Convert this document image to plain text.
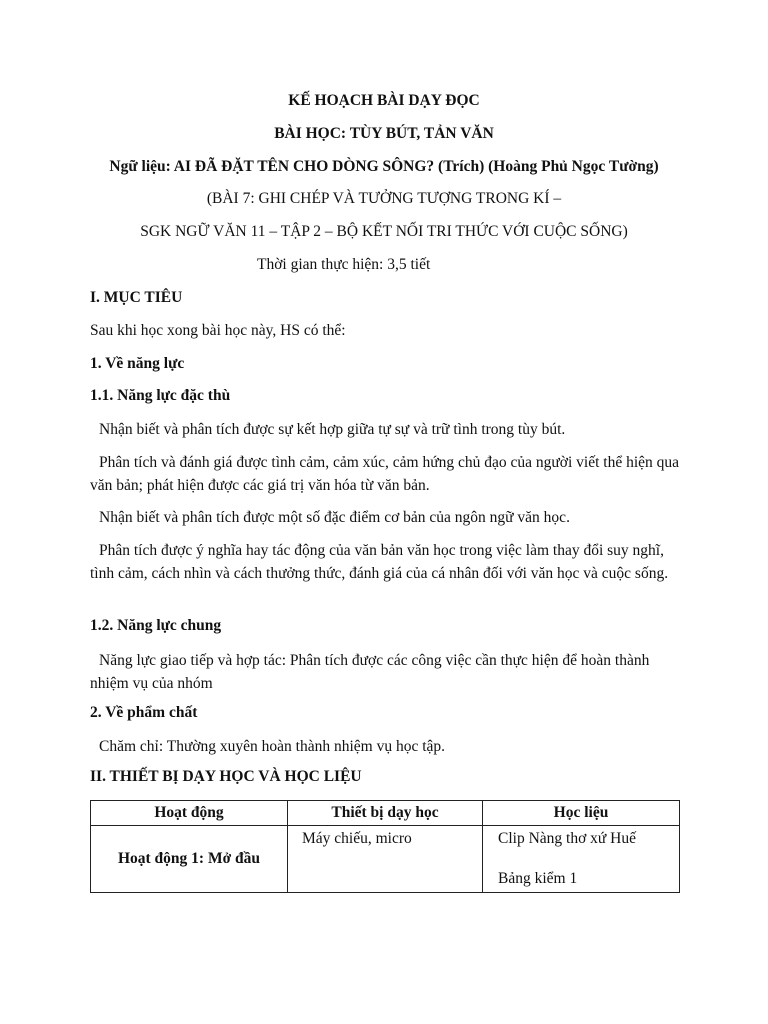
KẾ HOẠCH BÀI DẠY ĐỌC
BÀI HỌC: TÙY BÚT, TẢN VĂN
Ngữ liệu: AI ĐÃ ĐẶT TÊN CHO DÒNG SÔNG? (Trích) (Hoàng Phủ Ngọc Tường)
(BÀI 7: GHI CHÉP VÀ TƯỞNG TƯỢNG TRONG KÍ –
SGK NGỮ VĂN 11 – TẬP 2 – BỘ KẾT NỐI TRI THỨC VỚI CUỘC SỐNG)
Thời gian thực hiện: 3,5 tiết
I. MỤC TIÊU
Sau khi học xong bài học này, HS có thể:
1. Về năng lực
1.1. Năng lực đặc thù
Nhận biết và phân tích được sự kết hợp giữa tự sự và trữ tình trong tùy bút.
Phân tích và đánh giá được tình cảm, cảm xúc, cảm hứng chủ đạo của người viết thể hiện qua văn bản; phát hiện được các giá trị văn hóa từ văn bản.
Nhận biết và phân tích được một số đặc điểm cơ bản của ngôn ngữ văn học.
Phân tích được ý nghĩa hay tác động của văn bản văn học trong việc làm thay đổi suy nghĩ, tình cảm, cách nhìn và cách thưởng thức, đánh giá của cá nhân đối với văn học và cuộc sống.
1.2. Năng lực chung
Năng lực giao tiếp và hợp tác: Phân tích được các công việc cần thực hiện để hoàn thành nhiệm vụ của nhóm
2. Về phẩm chất
Chăm chỉ: Thường xuyên hoàn thành nhiệm vụ học tập.
II. THIẾT BỊ DẠY HỌC VÀ HỌC LIỆU
Hoạt động	Thiết bị dạy học	Học liệu
Hoạt động 1: Mở đầu	Máy chiếu, micro	Clip Nàng thơ xứ Huế
Bảng kiểm 1
